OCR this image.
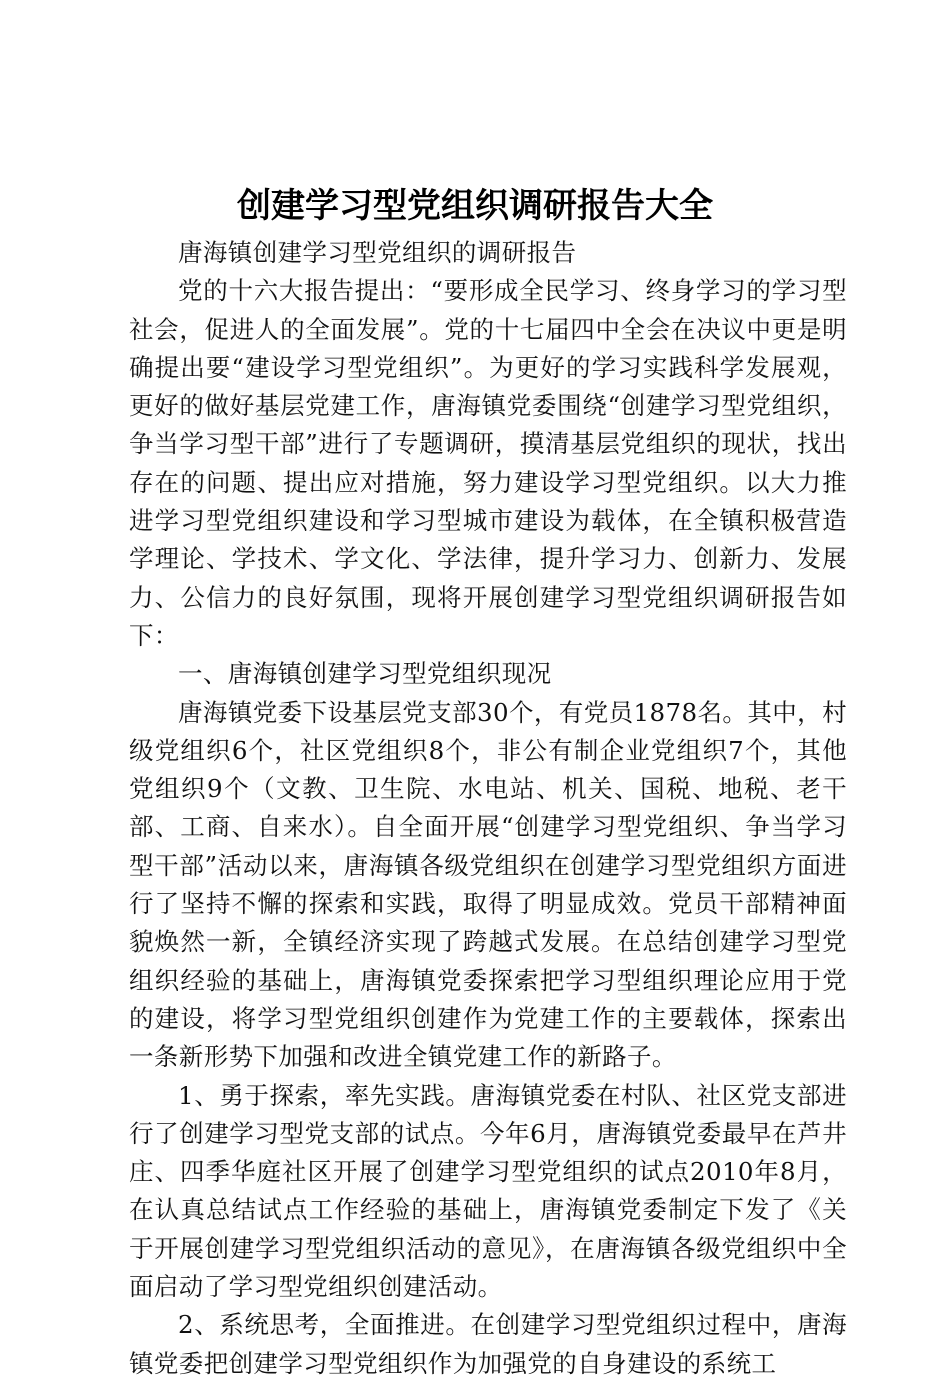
创建学习型党组织调研报告大全

唐海镇创建学习型党组织的调研报告

党的十六大报告提出：“要形成全民学习、终身学习的学习型社会，促进人的全面发展”。党的十七届四中全会在决议中更是明确提出要“建设学习型党组织”。为更好的学习实践科学发展观，更好的做好基层党建工作，唐海镇党委围绕“创建学习型党组织，争当学习型干部”进行了专题调研，摸清基层党组织的现状，找出存在的问题、提出应对措施，努力建设学习型党组织。以大力推进学习型党组织建设和学习型城市建设为载体，在全镇积极营造学理论、学技术、学文化、学法律，提升学习力、创新力、发展力、公信力的良好氛围，现将开展创建学习型党组织调研报告如下：

一、唐海镇创建学习型党组织现况

唐海镇党委下设基层党支部30个，有党员1878名。其中，村级党组织6个，社区党组织8个，非公有制企业党组织7个，其他党组织9个（文教、卫生院、水电站、机关、国税、地税、老干部、工商、自来水）。自全面开展“创建学习型党组织、争当学习型干部”活动以来，唐海镇各级党组织在创建学习型党组织方面进行了坚持不懈的探索和实践，取得了明显成效。党员干部精神面貌焕然一新，全镇经济实现了跨越式发展。在总结创建学习型党组织经验的基础上，唐海镇党委探索把学习型组织理论应用于党的建设，将学习型党组织创建作为党建工作的主要载体，探索出一条新形势下加强和改进全镇党建工作的新路子。

1、勇于探索，率先实践。唐海镇党委在村队、社区党支部进行了创建学习型党支部的试点。今年6月，唐海镇党委最早在芦井庄、四季华庭社区开展了创建学习型党组织的试点2010年8月，在认真总结试点工作经验的基础上，唐海镇党委制定下发了《关于开展创建学习型党组织活动的意见》，在唐海镇各级党组织中全面启动了学习型党组织创建活动。

2、系统思考，全面推进。在创建学习型党组织过程中，唐海镇党委把创建学习型党组织作为加强党的自身建设的系统工
